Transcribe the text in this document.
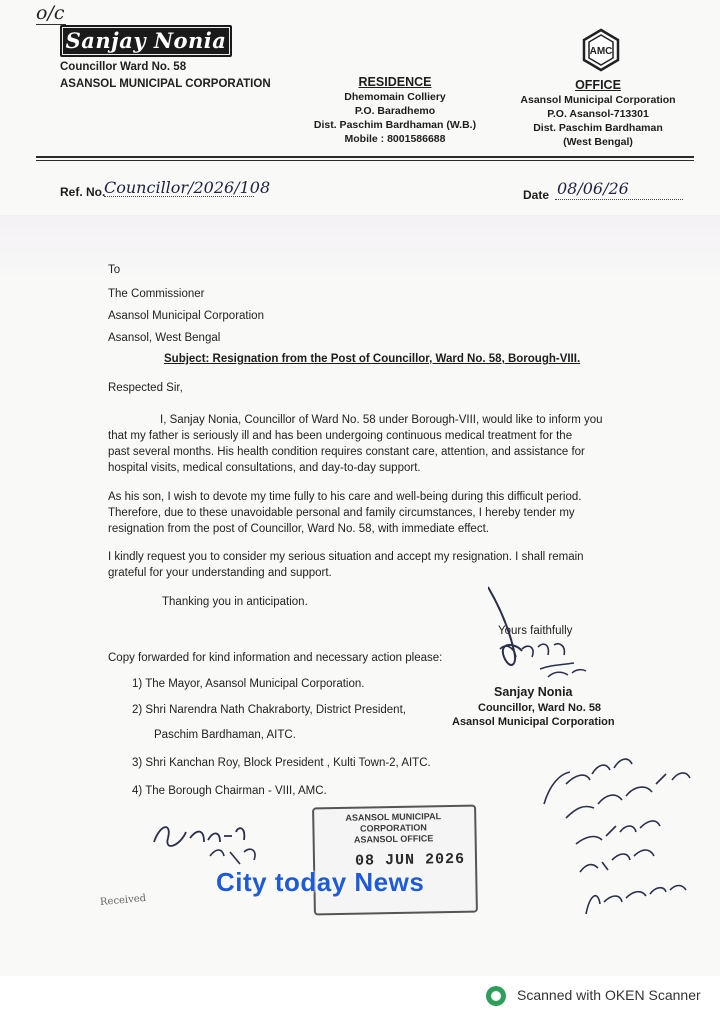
o/c
Sanjay Nonia
Councillor Ward No. 58
ASANSOL MUNICIPAL CORPORATION	RESIDENCE
Dhemomain Colliery
P.O. Baradhemo
Dist. Paschim Bardhaman (W.B.)
Mobile : 8001586688
AMC
OFFICE
Asansol Municipal Corporation
P.O. Asansol-713301
Dist. Paschim Bardhaman
(West Bengal)
Ref. No.
Councillor/2026/108	Date 08/06/26
To
The Commissioner
Asansol Municipal Corporation
Asansol, West Bengal
Subject: Resignation from the Post of Councillor, Ward No. 58, Borough-VIII.
Respected Sir,
I, Sanjay Nonia, Councillor of Ward No. 58 under Borough-VIII, would like to inform you
that my father is seriously ill and has been undergoing continuous medical treatment for the
past several months. His health condition requires constant care, attention, and assistance for
hospital visits, medical consultations, and day-to-day support.
As his son, I wish to devote my time fully to his care and well-being during this difficult period.
Therefore, due to these unavoidable personal and family circumstances, I hereby tender my
resignation from the post of Councillor, Ward No. 58, with immediate effect.
I kindly request you to consider my serious situation and accept my resignation. I shall remain
grateful for your understanding and support.
Thanking you in anticipation.
Yours faithfully
Copy forwarded for kind information and necessary action please:
1) The Mayor, Asansol Municipal Corporation.
2) Shri Narendra Nath Chakraborty, District President,
Paschim Bardhaman, AITC.
3) Shri Kanchan Roy, Block President , Kulti Town-2, AITC.
4) The Borough Chairman - VIII, AMC.
Sanjay Nonia
Councillor, Ward No. 58
Asansol Municipal Corporation
Received
ASANSOL MUNICIPAL CORPORATION
ASANSOL OFFICE
08 JUN 2026
City today News
Scanned with OKEN Scanner
